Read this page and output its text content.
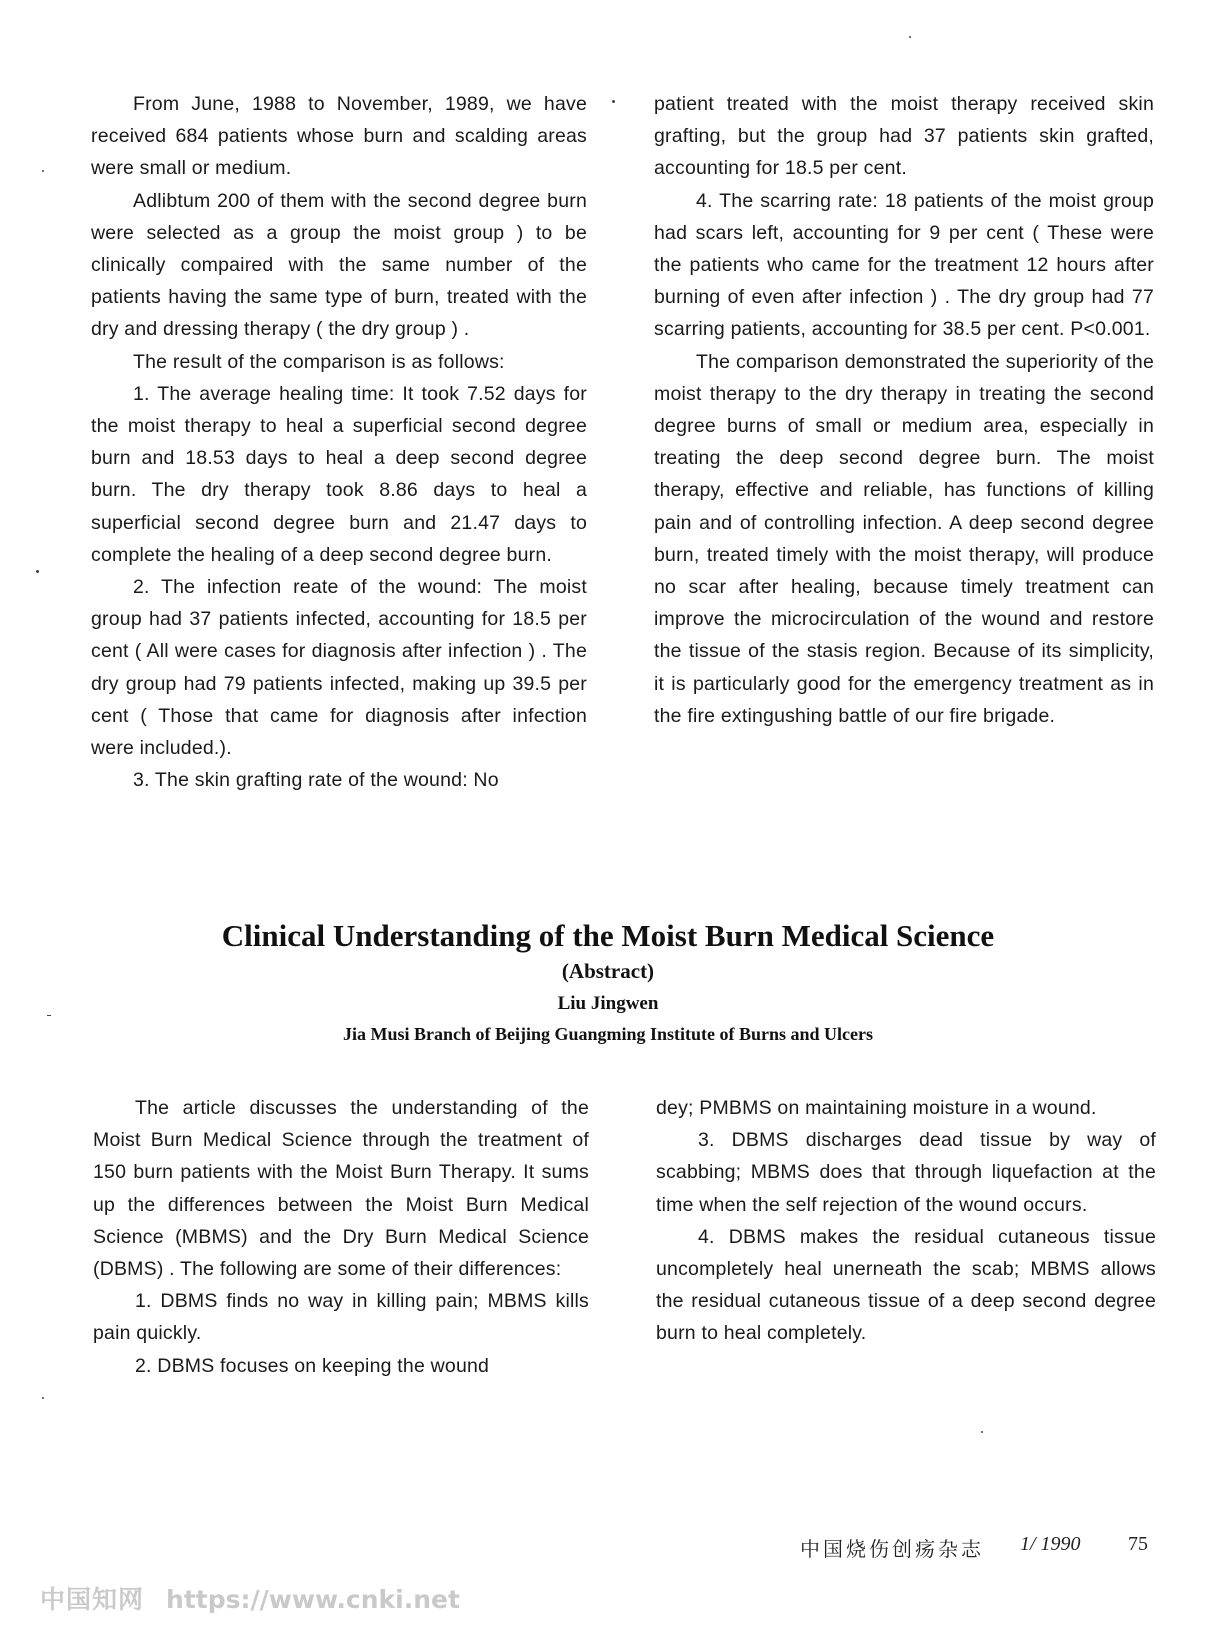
From June, 1988 to November, 1989, we have received 684 patients whose burn and scalding areas were small or medium.

Adlibtum 200 of them with the second degree burn were selected as a group the moist group ) to be clinically compaired with the same number of the patients having the same type of burn, treated with the dry and dressing therapy ( the dry group ) .

The result of the comparison is as follows:

1. The average healing time: It took 7.52 days for the moist therapy to heal a superficial second degree burn and 18.53 days to heal a deep second degree burn. The dry therapy took 8.86 days to heal a superficial second degree burn and 21.47 days to complete the healing of a deep second degree burn.

2. The infection reate of the wound: The moist group had 37 patients infected, accounting for 18.5 per cent ( All were cases for diagnosis after infection ) . The dry group had 79 patients infected, making up 39.5 per cent ( Those that came for diagnosis after infection were included.).

3. The skin grafting rate of the wound: No

patient treated with the moist therapy received skin grafting, but the group had 37 patients skin grafted, accounting for 18.5 per cent.

4. The scarring rate: 18 patients of the moist group had scars left, accounting for 9 per cent ( These were the patients who came for the treatment 12 hours after burning of even after infection ) . The dry group had 77 scarring patients, accounting for 38.5 per cent. P<0.001.

The comparison demonstrated the superiority of the moist therapy to the dry therapy in treating the second degree burns of small or medium area, especially in treating the deep second degree burn. The moist therapy, effective and reliable, has functions of killing pain and of controlling infection. A deep second degree burn, treated timely with the moist therapy, will produce no scar after healing, because timely treatment can improve the microcirculation of the wound and restore the tissue of the stasis region. Because of its simplicity, it is particularly good for the emergency treatment as in the fire extingushing battle of our fire brigade.

Clinical Understanding of the Moist Burn Medical Science
(Abstract)
Liu Jingwen
Jia Musi Branch of Beijing Guangming Institute of Burns and Ulcers

The article discusses the understanding of the Moist Burn Medical Science through the treatment of 150 burn patients with the Moist Burn Therapy. It sums up the differences between the Moist Burn Medical Science (MBMS) and the Dry Burn Medical Science (DBMS) . The following are some of their differences:

1. DBMS finds no way in killing pain; MBMS kills pain quickly.

2. DBMS focuses on keeping the wound

dey; PMBMS on maintaining moisture in a wound.

3. DBMS discharges dead tissue by way of scabbing; MBMS does that through liquefaction at the time when the self rejection of the wound occurs.

4. DBMS makes the residual cutaneous tissue uncompletely heal unerneath the scab; MBMS allows the residual cutaneous tissue of a deep second degree burn to heal completely.

中国烧伤创疡杂志 1/ 1990 75
中国知网 https://www.cnki.net
